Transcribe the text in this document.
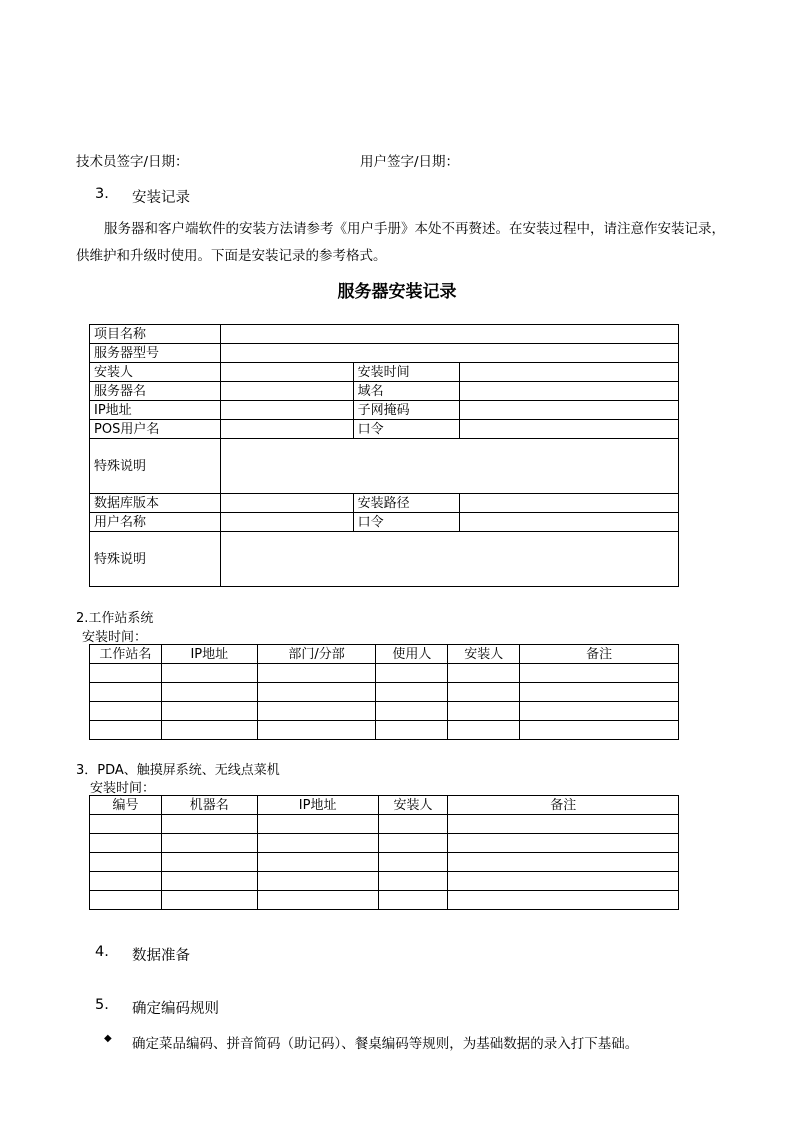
技术员签字/日期：	用户签字/日期：
3. 安装记录
服务器和客户端软件的安装方法请参考《用户手册》本处不再赘述。在安装过程中，请注意作安装记录，供维护和升级时使用。下面是安装记录的参考格式。
服务器安装记录
项目名称			
服务器型号			
安装人		安装时间	
服务器名		域名	
IP地址		子网掩码	
POS用户名		口令	
特殊说明			
数据库版本		安装路径	
用户名称		口令	
特殊说明			
2.工作站系统
安装时间：
工作站名	IP地址	部门/分部	使用人	安装人	备注

3．PDA、触摸屏系统、无线点菜机
安装时间：
编号	机器名	IP地址	安装人	备注

4. 数据准备
5. 确定编码规则
◆ 确定菜品编码、拼音简码（助记码）、餐桌编码等规则，为基础数据的录入打下基础。
